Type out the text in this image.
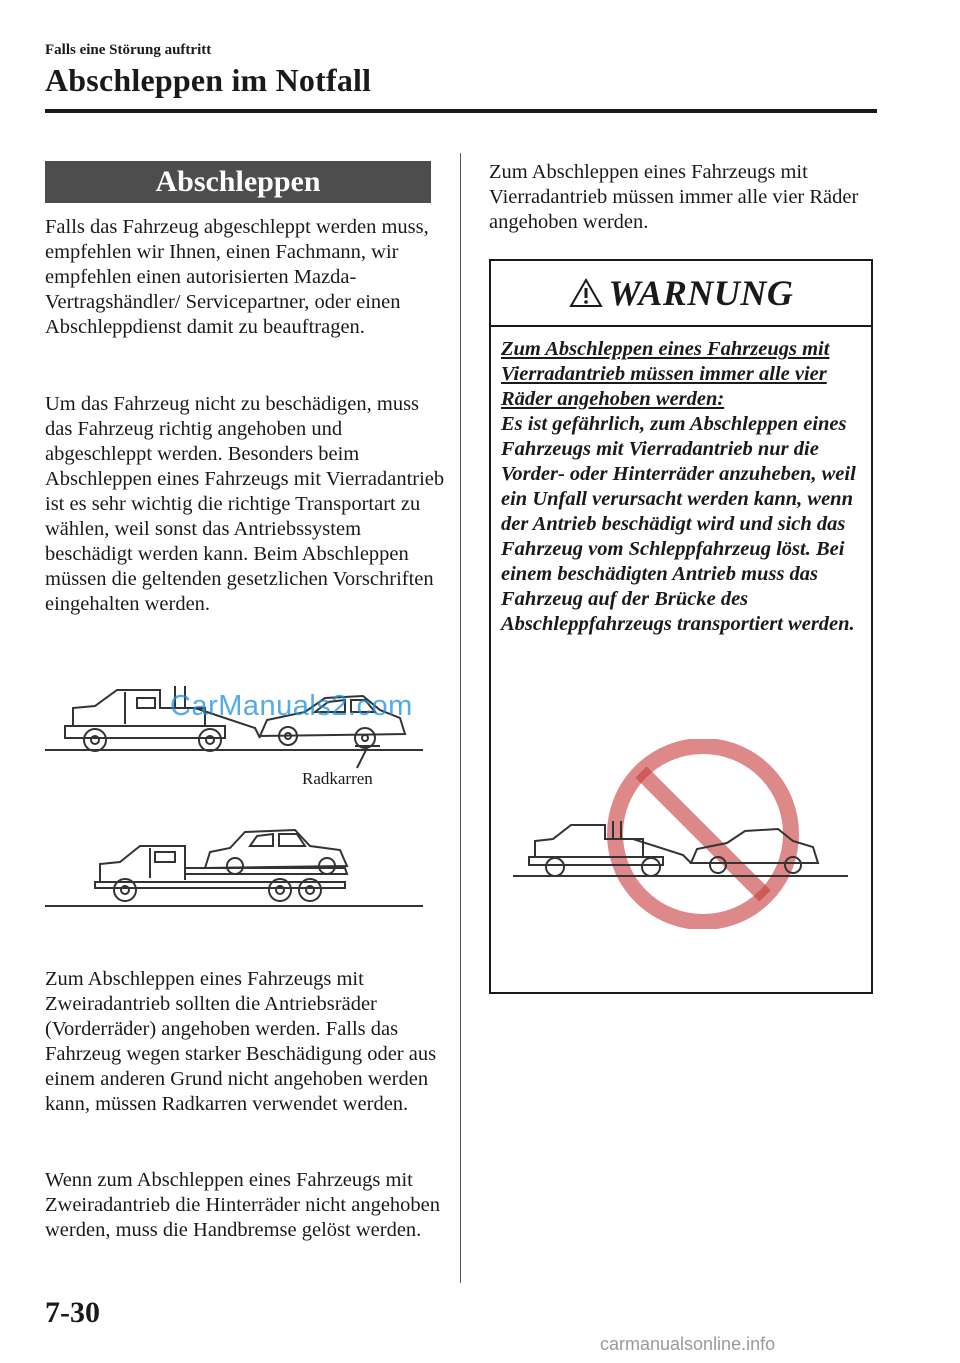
Falls eine Störung auftritt
Abschleppen im Notfall
Abschleppen

Falls das Fahrzeug abgeschleppt werden muss, empfehlen wir Ihnen, einen Fachmann, wir empfehlen einen autorisierten Mazda-Vertragshändler/ Servicepartner, oder einen Abschleppdienst damit zu beauftragen.

Um das Fahrzeug nicht zu beschädigen, muss das Fahrzeug richtig angehoben und abgeschleppt werden. Besonders beim Abschleppen eines Fahrzeugs mit Vierradantrieb ist es sehr wichtig die richtige Transportart zu wählen, weil sonst das Antriebssystem beschädigt werden kann. Beim Abschleppen müssen die geltenden gesetzlichen Vorschriften eingehalten werden.

Radkarren

Zum Abschleppen eines Fahrzeugs mit Zweiradantrieb sollten die Antriebsräder (Vorderräder) angehoben werden. Falls das Fahrzeug wegen starker Beschädigung oder aus einem anderen Grund nicht angehoben werden kann, müssen Radkarren verwendet werden.

Wenn zum Abschleppen eines Fahrzeugs mit Zweiradantrieb die Hinterräder nicht angehoben werden, muss die Handbremse gelöst werden.

Zum Abschleppen eines Fahrzeugs mit Vierradantrieb müssen immer alle vier Räder angehoben werden.

WARNUNG
Zum Abschleppen eines Fahrzeugs mit Vierradantrieb müssen immer alle vier Räder angehoben werden:
Es ist gefährlich, zum Abschleppen eines Fahrzeugs mit Vierradantrieb nur die Vorder- oder Hinterräder anzuheben, weil ein Unfall verursacht werden kann, wenn der Antrieb beschädigt wird und sich das Fahrzeug vom Schleppfahrzeug löst. Bei einem beschädigten Antrieb muss das Fahrzeug auf der Brücke des Abschleppfahrzeugs transportiert werden.
CarManuals2.com
7-30
carmanualsonline.info
